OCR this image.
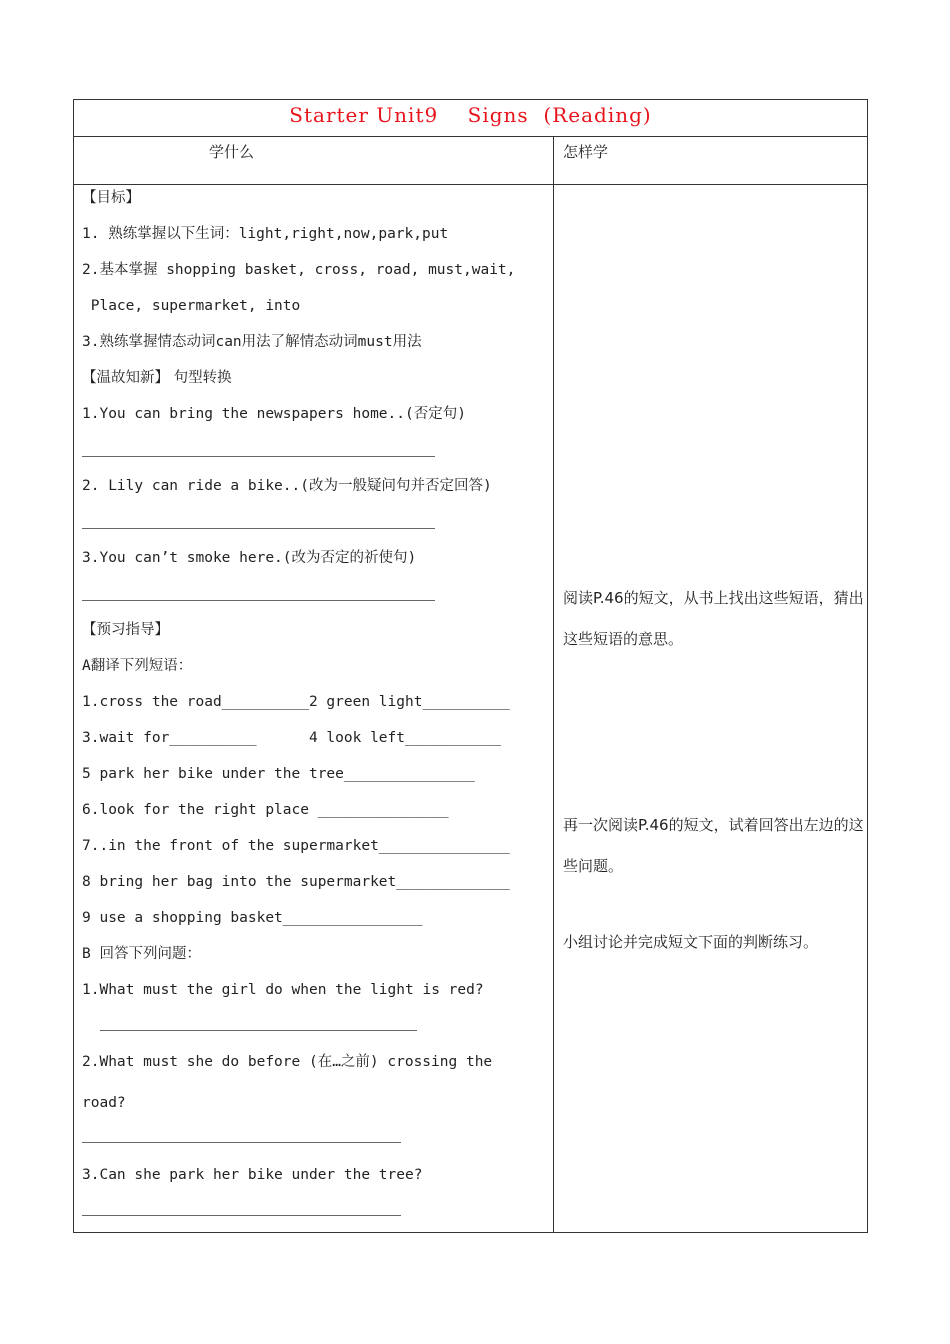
Starter Unit9    Signs  (Reading)
学什么	怎样学
【目标】
1. 熟练掌握以下生词：light,right,now,park,put
2.基本掌握 shopping basket, cross, road, must,wait,
Place, supermarket, into
3.熟练掌握情态动词can用法了解情态动词must用法
【温故知新】 句型转换
1.You can bring the newspapers home..(否定句)
2. Lily can ride a bike..(改为一般疑问句并否定回答)
3.You can’t smoke here.(改为否定的祈使句)
【预习指导】
A翻译下列短语：
1.cross the road__________2 green light__________
3.wait for__________      4 look left___________
5 park her bike under the tree_______________
6.look for the right place _______________
7..in the front of the supermarket_______________
8 bring her bag into the supermarket_____________
9 use a shopping basket________________
B 回答下列问题：
1.What must the girl do when the light is red?
2.What must she do before (在…之前) crossing the
road?
3.Can she park her bike under the tree?
阅读P.46的短文，从书上找出这些短语，猜出这些短语的意思。
再一次阅读P.46的短文，试着回答出左边的这些问题。
小组讨论并完成短文下面的判断练习。
